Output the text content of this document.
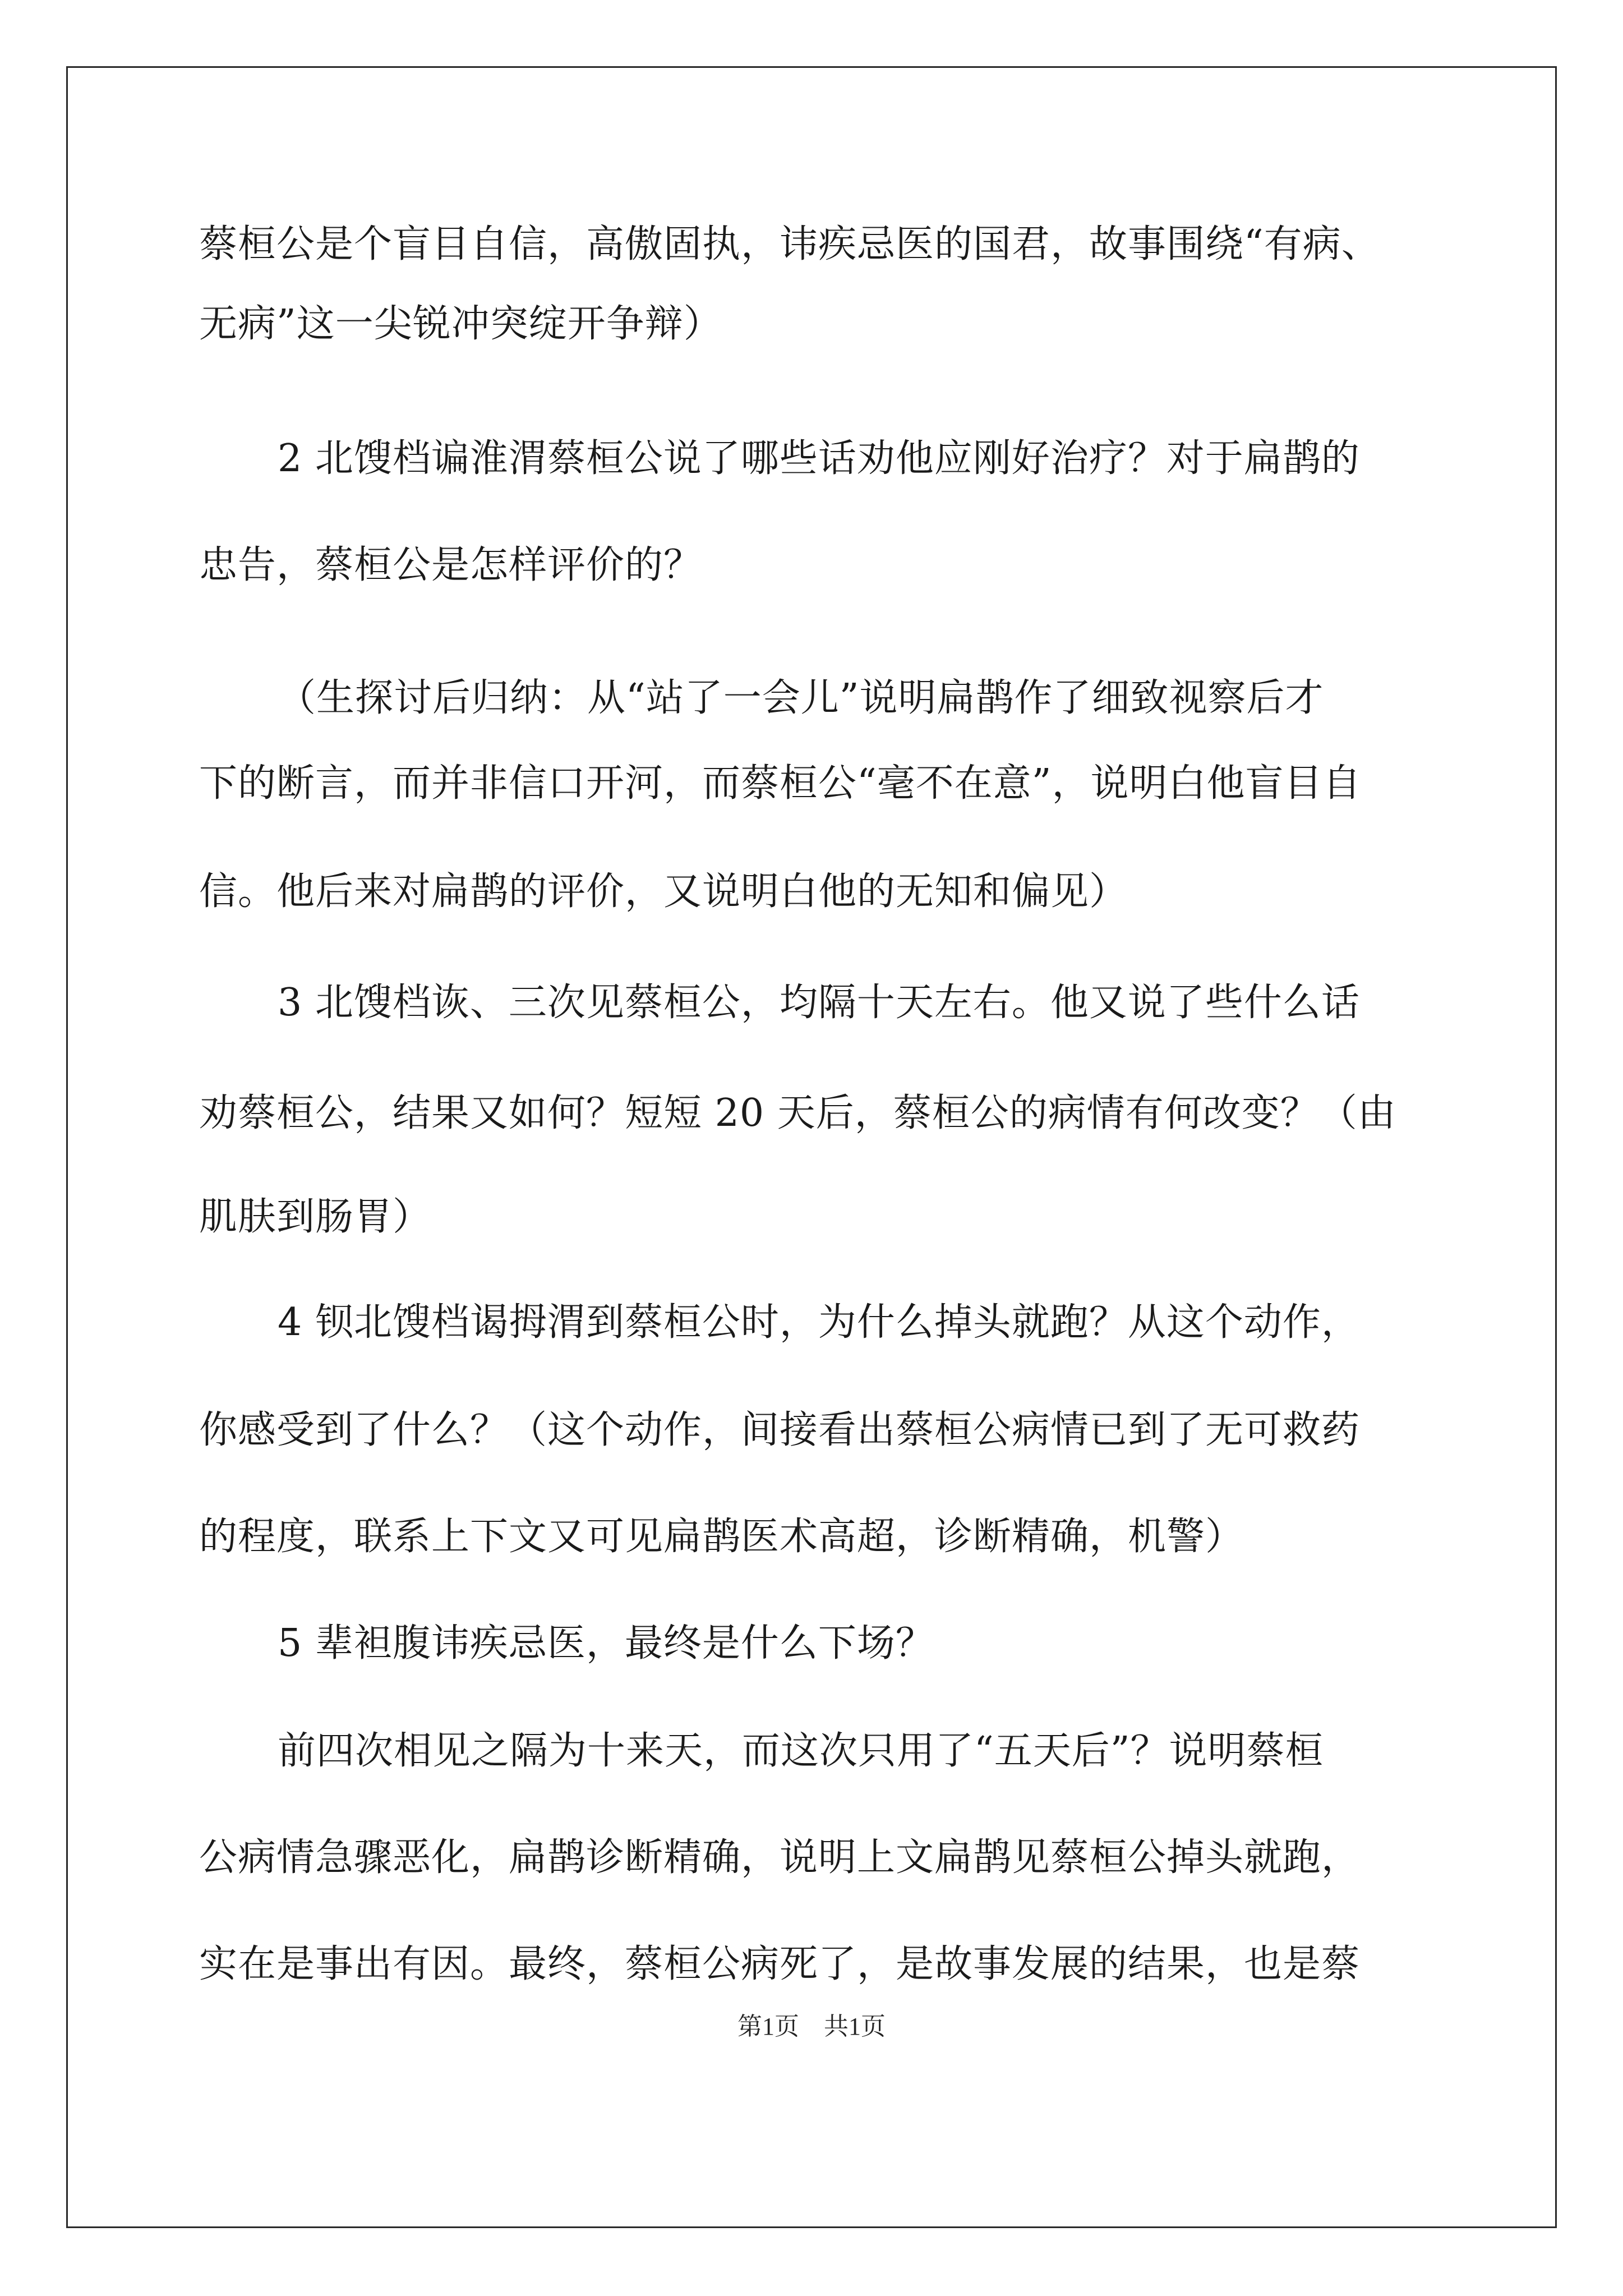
蔡桓公是个盲目自信，高傲固执，讳疾忌医的国君，故事围绕“有病、
无病”这一尖锐冲突绽开争辩）
2 北馊档谝淮渭蔡桓公说了哪些话劝他应刚好治疗？对于扁鹊的
忠告，蔡桓公是怎样评价的？
（生探讨后归纳：从“站了一会儿”说明扁鹊作了细致视察后才
下的断言，而并非信口开河，而蔡桓公“毫不在意”，说明白他盲目自
信。他后来对扁鹊的评价，又说明白他的无知和偏见）
3 北馊档诙、三次见蔡桓公，均隔十天左右。他又说了些什么话
劝蔡桓公，结果又如何？短短 20 天后，蔡桓公的病情有何改变？（由
肌肤到肠胃）
4 钡北馊档谒拇渭到蔡桓公时，为什么掉头就跑？从这个动作，
你感受到了什么？（这个动作，间接看出蔡桓公病情已到了无可救药
的程度，联系上下文又可见扁鹊医术高超，诊断精确，机警）
5 辈袒腹讳疾忌医，最终是什么下场？
前四次相见之隔为十来天，而这次只用了“五天后”？说明蔡桓
公病情急骤恶化，扁鹊诊断精确，说明上文扁鹊见蔡桓公掉头就跑，
实在是事出有因。最终，蔡桓公病死了，是故事发展的结果，也是蔡
第1页　共1页
